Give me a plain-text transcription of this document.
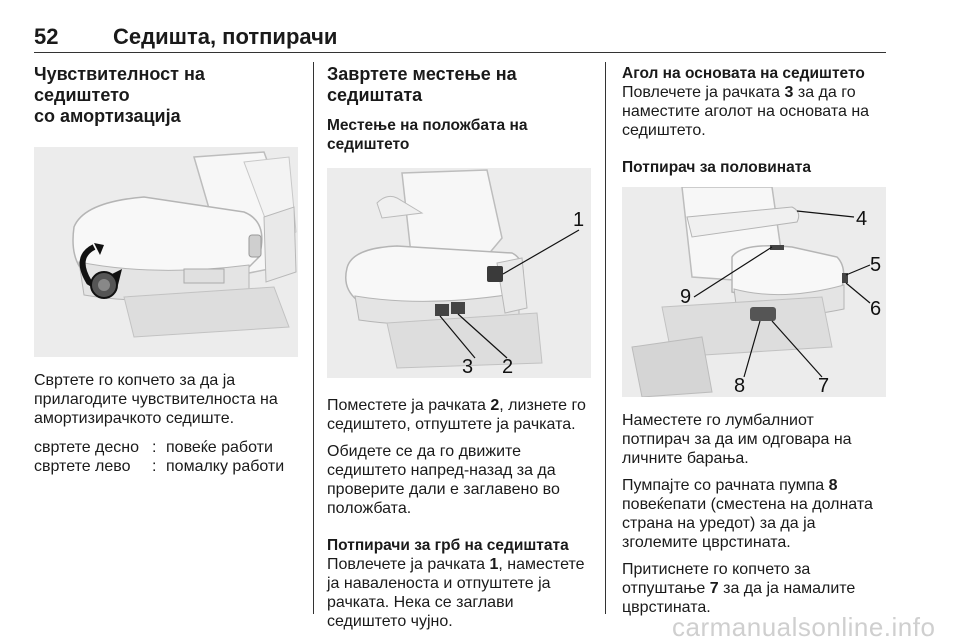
52 Седишта, потпирачи
Чувствителност на седиштето
со амортизација

Свртете го копчето за да ја
прилагодите чувствителноста на
амортизирачкото седиште.

свртете десно : повеќе работи
свртете лево	: помалку работи
Завртете местење на
седиштата
Местење на положбата на
седиштето
1
3 2

Поместете ја рачката 2, лизнете го
седиштето, отпуштете ја рачката.

Обидете се да го движите
седиштето напред-назад за да
проверите дали е заглавено во
положбата.

Потпирачи за грб на седиштата

Повлечете ја рачката 1, наместете
ја наваленоста и отпуштете ја
рачката. Нека се заглави
седиштето чујно.

Агол на основата на седиштето

Повлечете ја рачката 3 за да го
наместите аголот на основата на
седиштето.

Потпирач за половината
4
5
6
9
8	7

Наместете го лумбалниот
потпирач за да им одговара на
личните барања.

Пумпајте со рачната пумпа 8
повеќепати (сместена на долната
страна на уредот) за да ја
зголемите цврстината.

Притиснете го копчето за
отпуштање 7 за да ја намалите
цврстината.

carmanualsonline.info
